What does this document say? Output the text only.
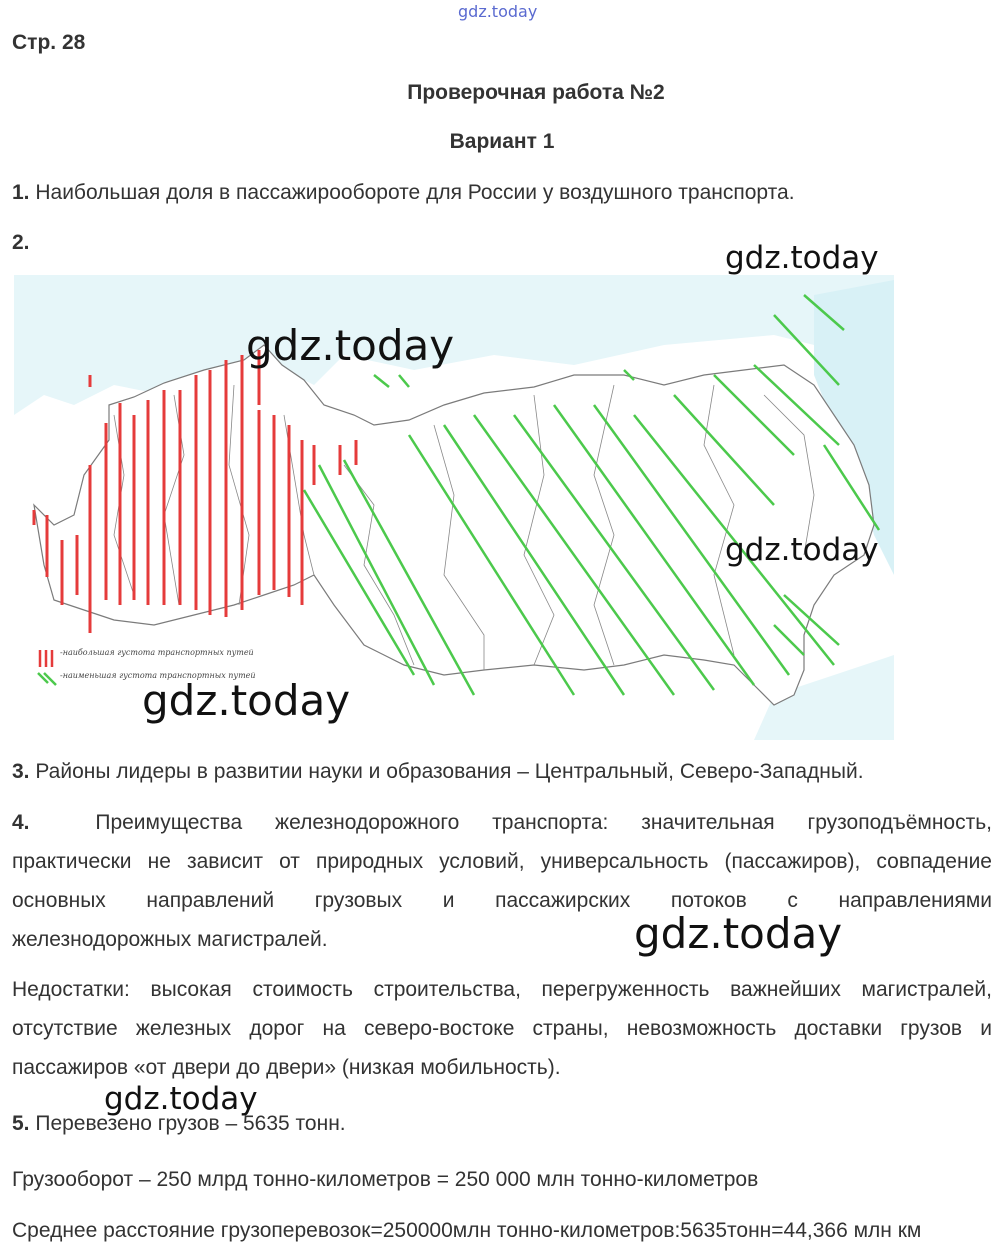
gdz.today
Стр. 28
Проверочная работа №2
Вариант 1
1. Наибольшая доля в пассажирообороте для России у воздушного транспорта.
2.
-наибольшая густота транспортных путей
-наименьшая густота транспортных путей
3. Районы лидеры в развитии науки и образования – Центральный, Северо-Западный.
4.	Преимущества железнодорожного транспорта: значительная грузоподъёмность,
практически не зависит от природных условий, универсальность (пассажиров), совпадение
основных направлений грузовых и пассажирских потоков с направлениями
железнодорожных магистралей.
Недостатки: высокая стоимость строительства, перегруженность важнейших магистралей,
отсутствие железных дорог на северо-востоке страны, невозможность доставки грузов и
пассажиров «от двери до двери» (низкая мобильность).
5. Перевезено грузов – 5635 тонн.
Грузооборот – 250 млрд тонно-километров = 250 000 млн тонно-километров
Среднее расстояние грузоперевозок=250000млн тонно-километров:5635тонн=44,366 млн км
gdz.today
gdz.today
gdz.today
gdz.today
gdz.today
gdz.today
